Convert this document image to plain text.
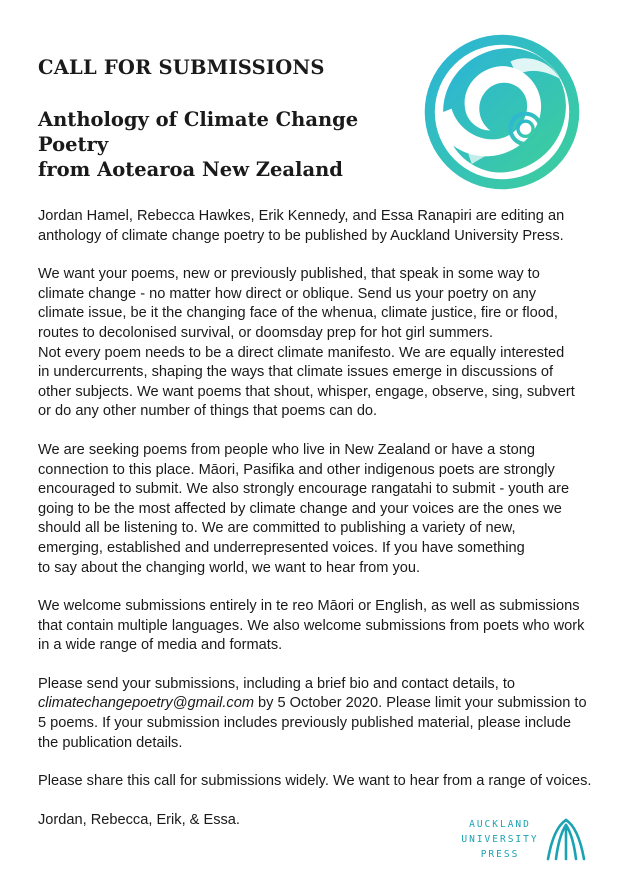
CALL FOR SUBMISSIONS
Anthology of Climate Change Poetry
from Aotearoa New Zealand

Jordan Hamel, Rebecca Hawkes, Erik Kennedy, and Essa Ranapiri are editing an
anthology of climate change poetry to be published by Auckland University Press.

We want your poems, new or previously published, that speak in some way to
climate change - no matter how direct or oblique. Send us your poetry on any
climate issue, be it the changing face of the whenua, climate justice, fire or flood,
routes to decolonised survival, or doomsday prep for hot girl summers.
Not every poem needs to be a direct climate manifesto. We are equally interested
in undercurrents, shaping the ways that climate issues emerge in discussions of
other subjects. We want poems that shout, whisper, engage, observe, sing, subvert
or do any other number of things that poems can do.

We are seeking poems from people who live in New Zealand or have a stong
connection to this place. Māori, Pasifika and other indigenous poets are strongly
encouraged to submit. We also strongly encourage rangatahi to submit - youth are
going to be the most affected by climate change and your voices are the ones we
should all be listening to. We are committed to publishing a variety of new,
emerging, established and underrepresented voices. If you have something
to say about the changing world, we want to hear from you.

We welcome submissions entirely in te reo Māori or English, as well as submissions
that contain multiple languages. We also welcome submissions from poets who work
in a wide range of media and formats.

Please send your submissions, including a brief bio and contact details, to
climatechangepoetry@gmail.com by 5 October 2020. Please limit your submission to
5 poems. If your submission includes previously published material, please include
the publication details.

Please share this call for submissions widely. We want to hear from a range of voices.

Jordan, Rebecca, Erik, & Essa.	AUCKLAND
UNIVERSITY
PRESS
